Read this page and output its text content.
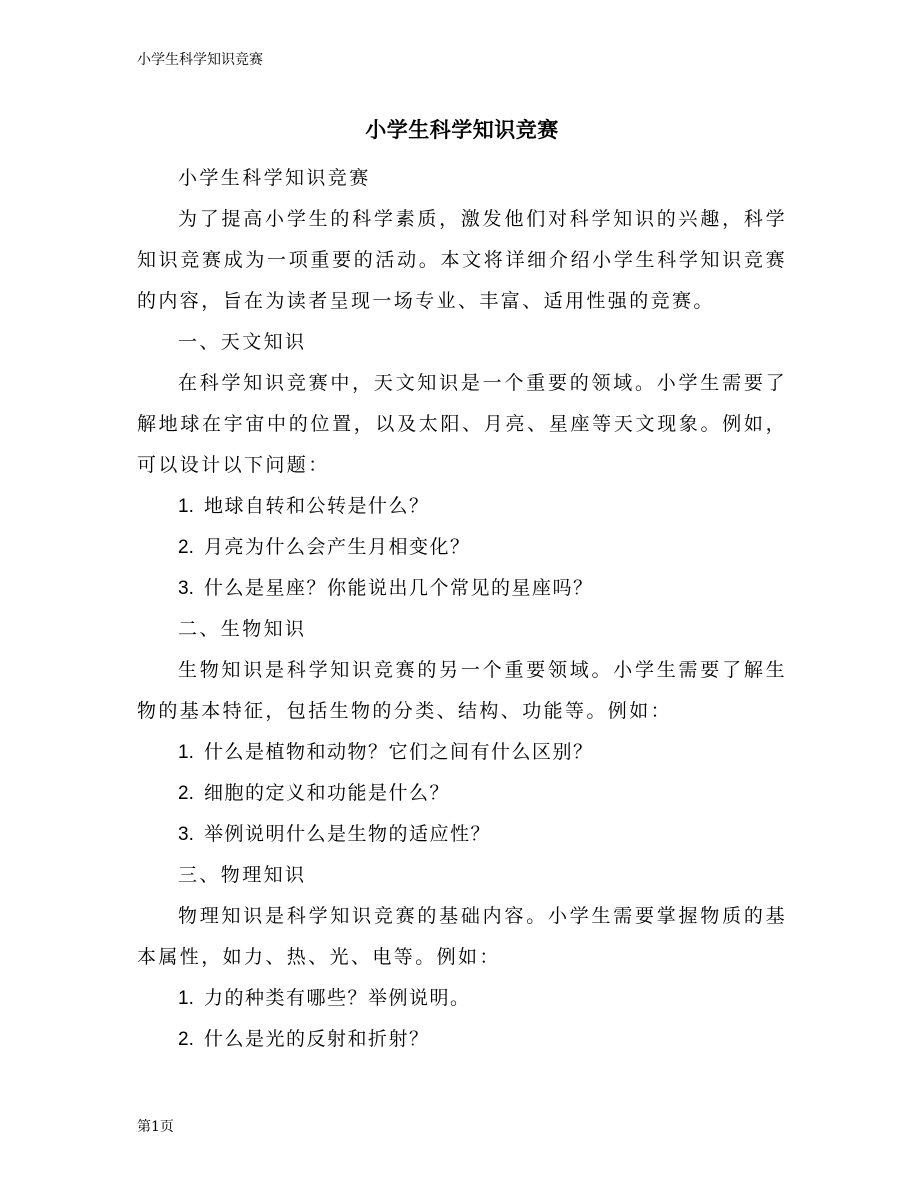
小学生科学知识竞赛
小学生科学知识竞赛

小学生科学知识竞赛

为了提高小学生的科学素质，激发他们对科学知识的兴趣，科学知识竞赛成为一项重要的活动。本文将详细介绍小学生科学知识竞赛的内容，旨在为读者呈现一场专业、丰富、适用性强的竞赛。

一、天文知识

在科学知识竞赛中，天文知识是一个重要的领域。小学生需要了解地球在宇宙中的位置，以及太阳、月亮、星座等天文现象。例如，可以设计以下问题：

1. 地球自转和公转是什么？
2. 月亮为什么会产生月相变化？
3. 什么是星座？你能说出几个常见的星座吗？

二、生物知识

生物知识是科学知识竞赛的另一个重要领域。小学生需要了解生物的基本特征，包括生物的分类、结构、功能等。例如：

1. 什么是植物和动物？它们之间有什么区别？
2. 细胞的定义和功能是什么？
3. 举例说明什么是生物的适应性？

三、物理知识

物理知识是科学知识竞赛的基础内容。小学生需要掌握物质的基本属性，如力、热、光、电等。例如：

1. 力的种类有哪些？举例说明。
2. 什么是光的反射和折射？
第1页
